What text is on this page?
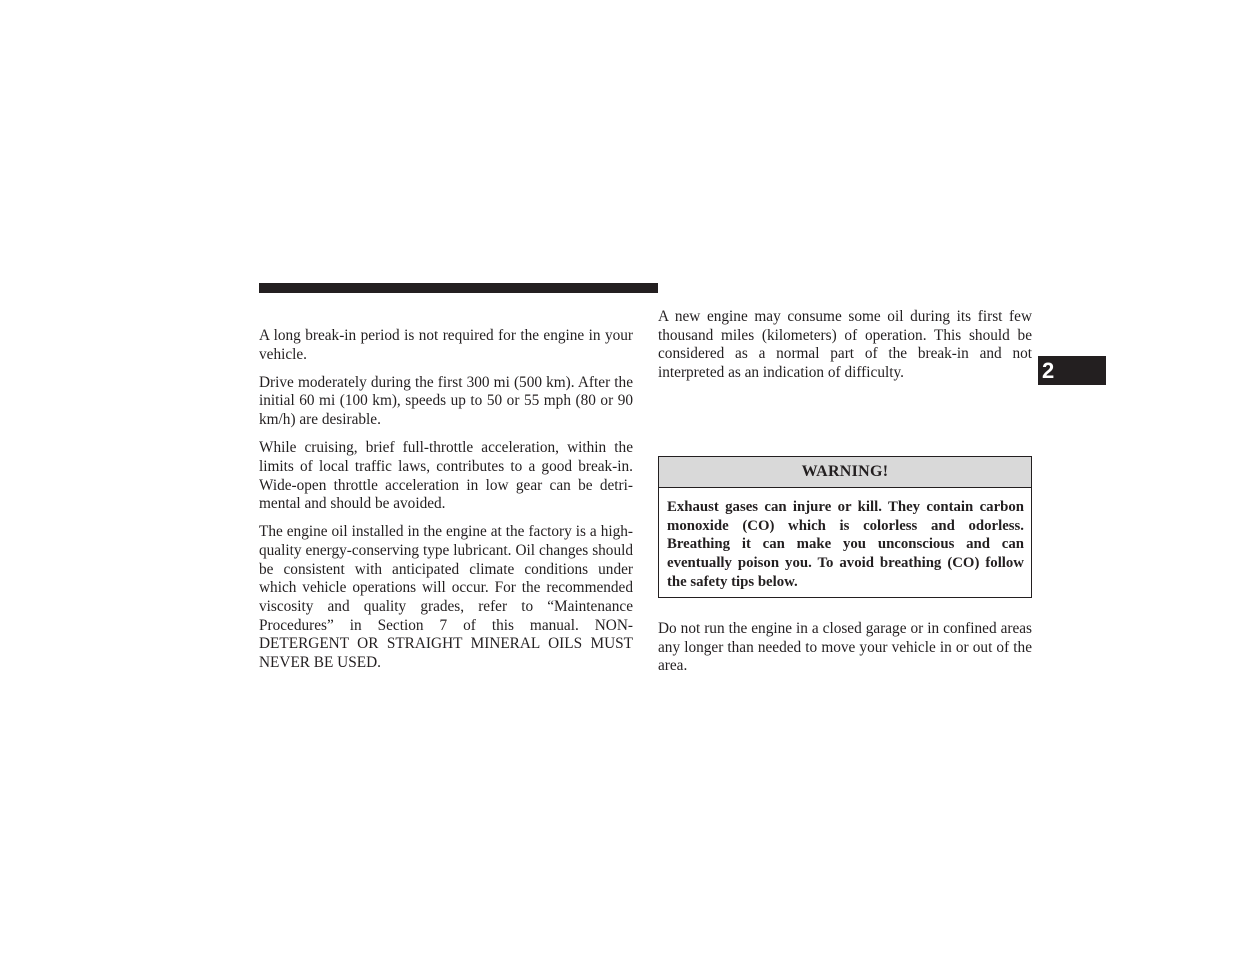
A long break-in period is not required for the engine in your vehicle.

Drive moderately during the first 300 mi (500 km). After the initial 60 mi (100 km), speeds up to 50 or 55 mph (80 or 90 km/h) are desirable.

While cruising, brief full-throttle acceleration, within the limits of local traffic laws, contributes to a good break-in. Wide-open throttle acceleration in low gear can be detri-mental and should be avoided.

The engine oil installed in the engine at the factory is a high-quality energy-conserving type lubricant. Oil changes should be consistent with anticipated climate conditions under which vehicle operations will occur. For the recommended viscosity and quality grades, refer to “Maintenance Procedures” in Section 7 of this manual. NON-DETERGENT OR STRAIGHT MINERAL OILS MUST NEVER BE USED.

A new engine may consume some oil during its first few thousand miles (kilometers) of operation. This should be considered as a normal part of the break-in and not interpreted as an indication of difficulty.	2
WARNING!
Exhaust gases can injure or kill. They contain carbon monoxide (CO) which is colorless and odorless. Breathing it can make you unconscious and can eventually poison you. To avoid breathing (CO) follow the safety tips below.

Do not run the engine in a closed garage or in confined areas any longer than needed to move your vehicle in or out of the area.
